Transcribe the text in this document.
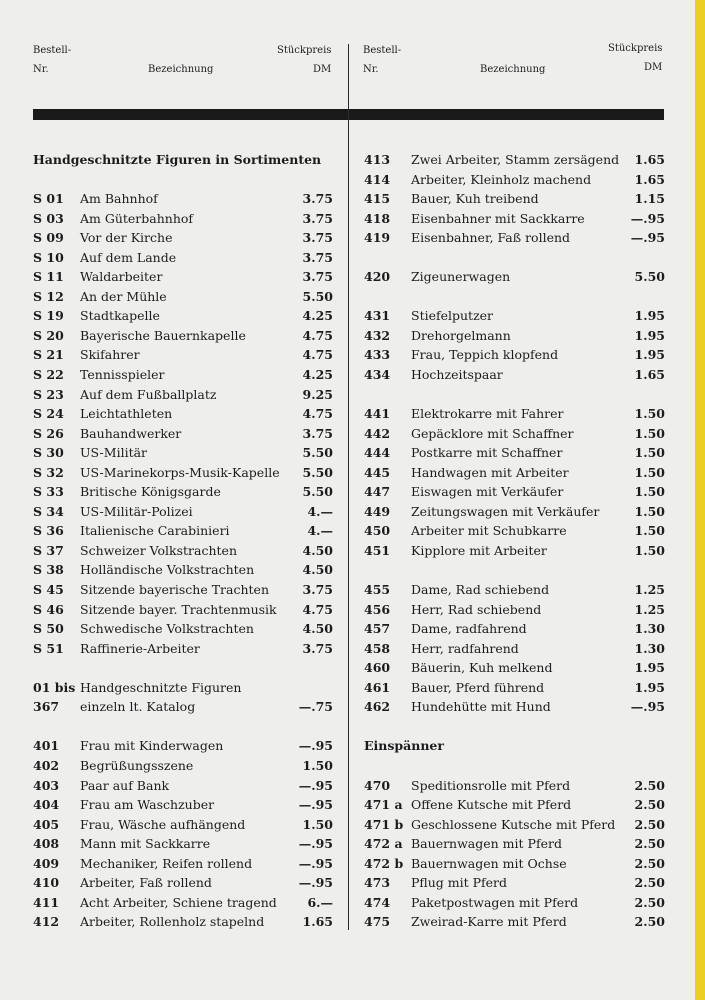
Bestell-
Nr.	Bezeichnung
Stückpreis
DM
Bestell-
Nr.	Bezeichnung
Stückpreis
DM
Handgeschnitzte Figuren in Sortimenten
S 01 Am Bahnhof	3.75
S 03 Am Güterbahnhof	3.75
S 09 Vor der Kirche	3.75
S 10 Auf dem Lande	3.75
S 11 Waldarbeiter	3.75
S 12 An der Mühle	5.50
S 19 Stadtkapelle	4.25
S 20 Bayerische Bauernkapelle	4.75
S 21 Skifahrer	4.75
S 22 Tennisspieler	4.25
S 23 Auf dem Fußballplatz	9.25
S 24 Leichtathleten	4.75
S 26 Bauhandwerker	3.75
S 30 US-Militär	5.50
S 32 US-Marinekorps-Musik-Kapelle 5.50
S 33 Britische Königsgarde	5.50
S 34 US-Militär-Polizei	4.—
S 36 Italienische Carabinieri	4.—
S 37 Schweizer Volkstrachten	4.50
S 38 Holländische Volkstrachten	4.50
S 45 Sitzende bayerische Trachten	3.75
S 46 Sitzende bayer. Trachtenmusik 4.75
S 50 Schwedische Volkstrachten	4.50
S 51 Raffinerie-Arbeiter	3.75
01 bis Handgeschnitzte Figuren
367 einzeln lt. Katalog	—.75
401 Frau mit Kinderwagen	—.95
402 Begrüßungsszene	1.50
403 Paar auf Bank	—.95
404 Frau am Waschzuber	—.95
405 Frau, Wäsche aufhängend	1.50
408 Mann mit Sackkarre	—.95
409 Mechaniker, Reifen rollend	—.95
410 Arbeiter, Faß rollend	—.95
411 Acht Arbeiter, Schiene tragend 6.—
412 Arbeiter, Rollenholz stapelnd	1.65
413 Zwei Arbeiter, Stamm zersägend 1.65
414 Arbeiter, Kleinholz machend	1.65
415 Bauer, Kuh treibend	1.15
418 Eisenbahner mit Sackkarre	—.95
419 Eisenbahner, Faß rollend	—.95
420 Zigeunerwagen	5.50
431 Stiefelputzer	1.95
432 Drehorgelmann	1.95
433 Frau, Teppich klopfend	1.95
434 Hochzeitspaar	1.65
441 Elektrokarre mit Fahrer	1.50
442 Gepäcklore mit Schaffner	1.50
444 Postkarre mit Schaffner	1.50
445 Handwagen mit Arbeiter	1.50
447 Eiswagen mit Verkäufer	1.50
449 Zeitungswagen mit Verkäufer	1.50
450 Arbeiter mit Schubkarre	1.50
451 Kipplore mit Arbeiter	1.50
455 Dame, Rad schiebend	1.25
456 Herr, Rad schiebend	1.25
457 Dame, radfahrend	1.30
458 Herr, radfahrend	1.30
460 Bäuerin, Kuh melkend	1.95
461 Bauer, Pferd führend	1.95
462 Hundehütte mit Hund	—.95
Einspänner
470 Speditionsrolle mit Pferd	2.50
471 a Offene Kutsche mit Pferd	2.50
471 b Geschlossene Kutsche mit Pferd 2.50
472 a Bauernwagen mit Pferd	2.50
472 b Bauernwagen mit Ochse	2.50
473 Pflug mit Pferd	2.50
474 Paketpostwagen mit Pferd	2.50
475 Zweirad-Karre mit Pferd	2.50
